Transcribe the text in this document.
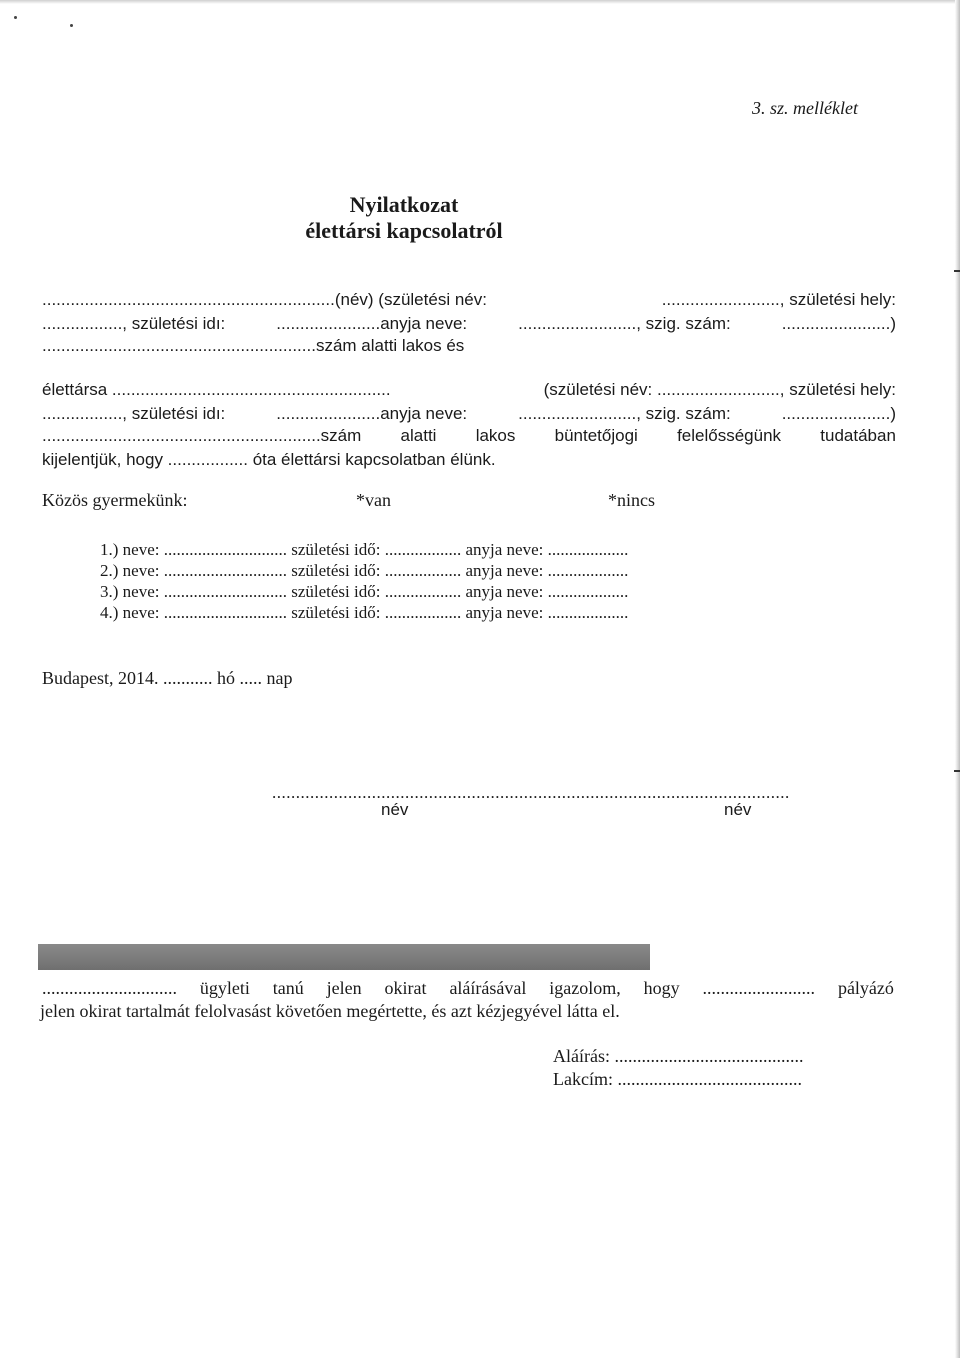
3. sz. melléklet
Nyilatkozat
élettársi kapcsolatról
..............................................................(név) (születési név:	........................., születési hely:
................., születési idı:	......................anyja neve:	........................., szig. szám:	.......................)
..........................................................szám alatti lakos és
élettársa ...........................................................	(születési név: .........................., születési hely:
................., születési idı:	......................anyja neve:	........................., szig. szám:	.......................)
...........................................................szám alatti lakos büntetőjogi felelősségünk tudatában
kijelentjük, hogy ................. óta élettársi kapcsolatban élünk.
Közös gyermekünk:	*van	*nincs
1.) neve: ............................. születési idő: .................. anyja neve: ...................
2.) neve: ............................. születési idő: .................. anyja neve: ...................
3.) neve: ............................. születési idő: .................. anyja neve: ...................
4.) neve: ............................. születési idő: .................. anyja neve: ...................
Budapest, 2014. ........... hó ..... nap
.............................................................................................................
név	név

.............................. ügyleti tanú jelen okirat aláírásával igazolom, hogy ......................... pályázó
jelen okirat tartalmát felolvasást követően megértette, és azt kézjegyével látta el.
Aláírás: ..........................................
Lakcím: .........................................
